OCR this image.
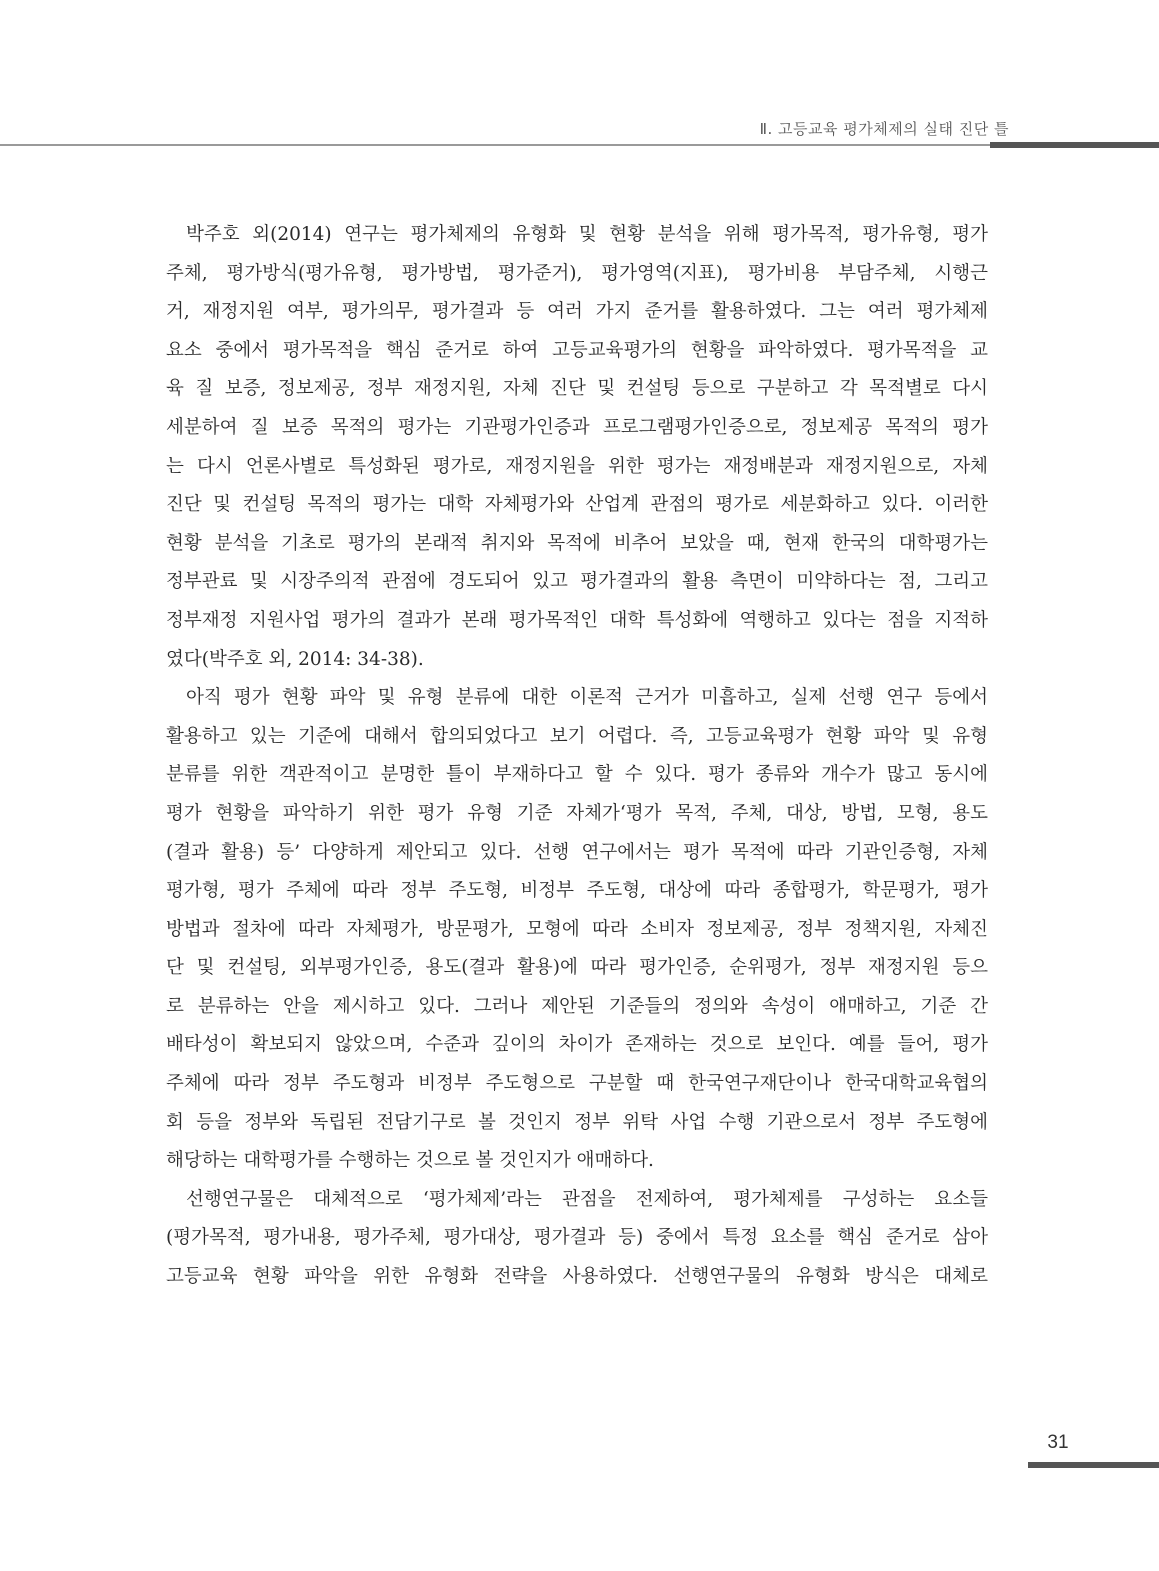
Ⅱ. 고등교육 평가체제의 실태 진단 틀
박주호 외(2014) 연구는 평가체제의 유형화 및 현황 분석을 위해 평가목적, 평가유형, 평가
주체, 평가방식(평가유형, 평가방법, 평가준거), 평가영역(지표), 평가비용 부담주체, 시행근
거, 재정지원 여부, 평가의무, 평가결과 등 여러 가지 준거를 활용하였다. 그는 여러 평가체제
요소 중에서 평가목적을 핵심 준거로 하여 고등교육평가의 현황을 파악하였다. 평가목적을 교
육 질 보증, 정보제공, 정부 재정지원, 자체 진단 및 컨설팅 등으로 구분하고 각 목적별로 다시
세분하여 질 보증 목적의 평가는 기관평가인증과 프로그램평가인증으로, 정보제공 목적의 평가
는 다시 언론사별로 특성화된 평가로, 재정지원을 위한 평가는 재정배분과 재정지원으로, 자체
진단 및 컨설팅 목적의 평가는 대학 자체평가와 산업계 관점의 평가로 세분화하고 있다. 이러한
현황 분석을 기초로 평가의 본래적 취지와 목적에 비추어 보았을 때, 현재 한국의 대학평가는
정부관료 및 시장주의적 관점에 경도되어 있고 평가결과의 활용 측면이 미약하다는 점, 그리고
정부재정 지원사업 평가의 결과가 본래 평가목적인 대학 특성화에 역행하고 있다는 점을 지적하
였다(박주호 외, 2014: 34-38).
아직 평가 현황 파악 및 유형 분류에 대한 이론적 근거가 미흡하고, 실제 선행 연구 등에서
활용하고 있는 기준에 대해서 합의되었다고 보기 어렵다. 즉, 고등교육평가 현황 파악 및 유형
분류를 위한 객관적이고 분명한 틀이 부재하다고 할 수 있다. 평가 종류와 개수가 많고 동시에
평가 현황을 파악하기 위한 평가 유형 기준 자체가‘평가 목적, 주체, 대상, 방법, 모형, 용도
(결과 활용) 등’ 다양하게 제안되고 있다. 선행 연구에서는 평가 목적에 따라 기관인증형, 자체
평가형, 평가 주체에 따라 정부 주도형, 비정부 주도형, 대상에 따라 종합평가, 학문평가, 평가
방법과 절차에 따라 자체평가, 방문평가, 모형에 따라 소비자 정보제공, 정부 정책지원, 자체진
단 및 컨설팅, 외부평가인증, 용도(결과 활용)에 따라 평가인증, 순위평가, 정부 재정지원 등으
로 분류하는 안을 제시하고 있다. 그러나 제안된 기준들의 정의와 속성이 애매하고, 기준 간
배타성이 확보되지 않았으며, 수준과 깊이의 차이가 존재하는 것으로 보인다. 예를 들어, 평가
주체에 따라 정부 주도형과 비정부 주도형으로 구분할 때 한국연구재단이나 한국대학교육협의
회 등을 정부와 독립된 전담기구로 볼 것인지 정부 위탁 사업 수행 기관으로서 정부 주도형에
해당하는 대학평가를 수행하는 것으로 볼 것인지가 애매하다.
선행연구물은 대체적으로 ‘평가체제’라는 관점을 전제하여, 평가체제를 구성하는 요소들
(평가목적, 평가내용, 평가주체, 평가대상, 평가결과 등) 중에서 특정 요소를 핵심 준거로 삼아
고등교육 현황 파악을 위한 유형화 전략을 사용하였다. 선행연구물의 유형화 방식은 대체로
31
